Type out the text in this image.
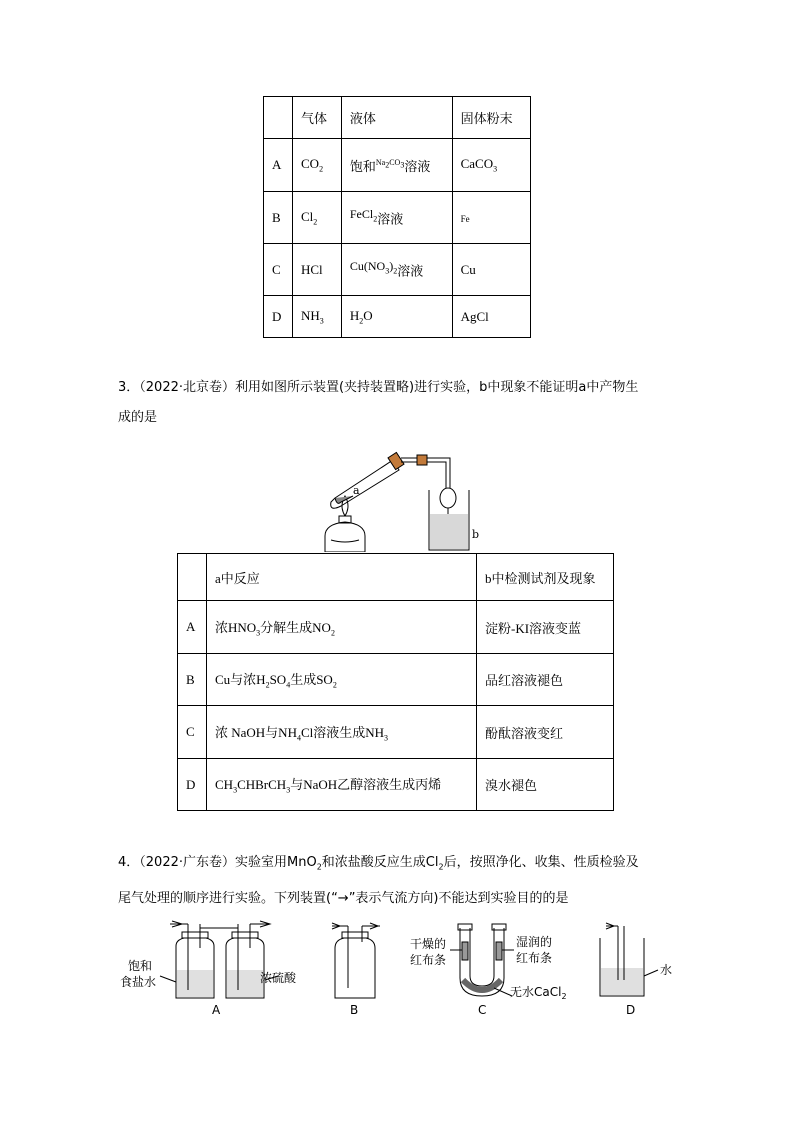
	气体	液体	固体粉末
A	$CO_2$	饱和$^{Na_2CO_3}$溶液	CaCO$_3$
B	$Cl_2$	$^{FeCl_2}$溶液	Fe
C	HCl	$^{Cu(NO_3)_2}$溶液	Cu
D	$NH_3$	$H_2O$	AgCl
3．（2022·北京卷）利用如图所示装置(夹持装置略)进行实验，b中现象不能证明a中产物生
成的是
a
b
	a中反应	b中检测试剂及现象
A	浓$HNO_3$分解生成$NO_2$	淀粉-KI溶液变蓝
B	Cu与浓$H_2SO_4$生成$SO_2$	品红溶液褪色
C	浓 NaOH与$NH_4Cl$溶液生成$NH_3$	酚酞溶液变红
D	$CH_3CHBrCH_3$与NaOH乙醇溶液生成丙烯	溴水褪色
4．（2022·广东卷）实验室用MnO$_2$和浓盐酸反应生成$Cl_2$后，按照净化、收集、性质检验及
尾气处理的顺序进行实验。下列装置(“→”表示气流方向)不能达到实验目的的是
饱和
食盐水	浓硫酸
A	B
干燥的
红布条
湿润的
红布条
无水CaCl$_2$
C
水
D
